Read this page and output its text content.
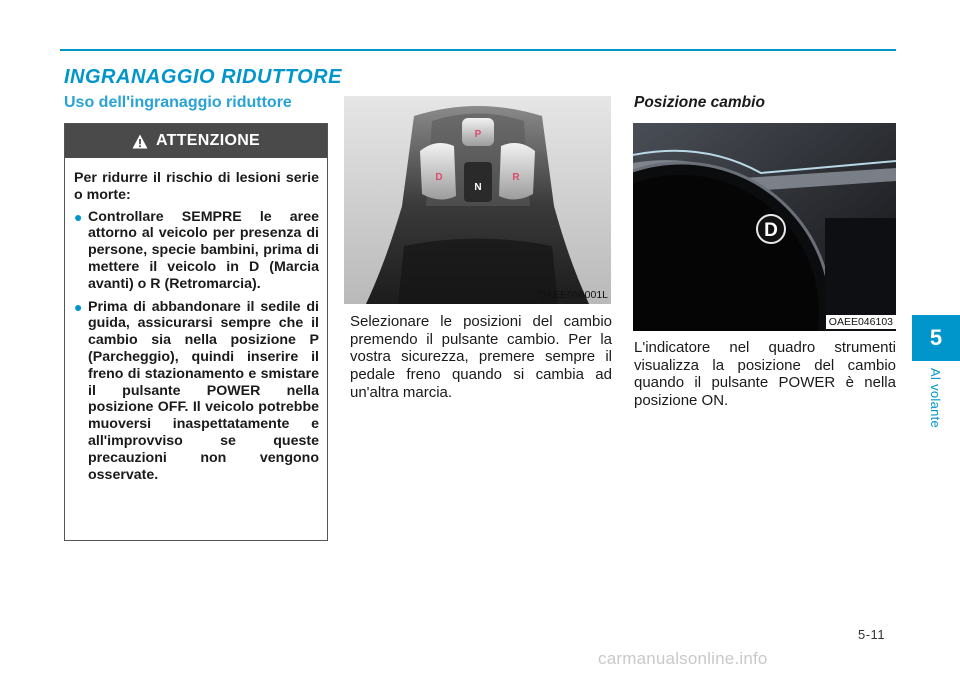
INGRANAGGIO RIDUTTORE
Uso dell'ingranaggio riduttore
ATTENZIONE

Per ridurre il rischio di lesioni serie o morte:

● Controllare SEMPRE le aree attorno al veicolo per presenza di persone, specie bambini, prima di mettere il veicolo in D (Marcia avanti) o R (Retromarcia).
● Prima di abbandonare il sedile di guida, assicurarsi sempre che il cambio sia nella posizione P (Parcheggio), quindi inserire il freno di stazionamento e smistare il pulsante POWER nella posizione OFF. Il veicolo potrebbe muoversi inaspettatamente e all'improvviso se queste precauzioni non vengono osservate.
P
D	R
N
OAEE056001L

Selezionare le posizioni del cambio premendo il pulsante cambio. Per la vostra sicurezza, premere sempre il pedale freno quando si cambia ad un'altra marcia.

Posizione cambio
D
OAEE046103

L'indicatore nel quadro strumenti visualizza la posizione del cambio quando il pulsante POWER è nella posizione ON.

5
Al volante
5-11
carmanualsonline.info
